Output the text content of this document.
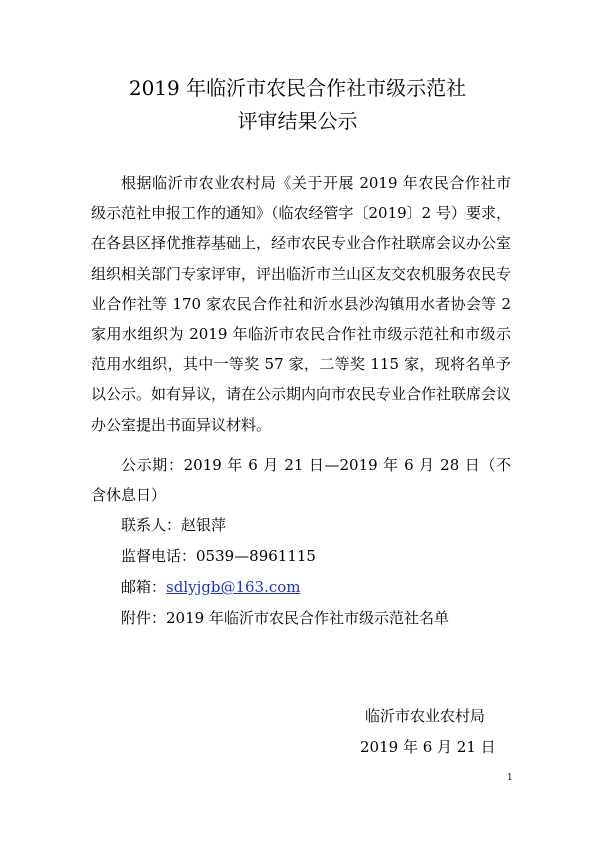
2019 年临沂市农民合作社市级示范社
评审结果公示

根据临沂市农业农村局《关于开展 2019 年农民合作社市级示范社申报工作的通知》（临农经管字〔2019〕2 号）要求，在各县区择优推荐基础上，经市农民专业合作社联席会议办公室组织相关部门专家评审，评出临沂市兰山区友交农机服务农民专业合作社等 170 家农民合作社和沂水县沙沟镇用水者协会等 2 家用水组织为 2019 年临沂市农民合作社市级示范社和市级示范用水组织，其中一等奖 57 家，二等奖 115 家，现将名单予以公示。如有异议，请在公示期内向市农民专业合作社联席会议办公室提出书面异议材料。

公示期：2019 年 6 月 21 日—2019 年 6 月 28 日（不含休息日）

联系人：赵银萍
监督电话：0539—8961115
邮箱：sdlyjgb@163.com
附件：2019 年临沂市农民合作社市级示范社名单
临沂市农业农村局
2019 年 6 月 21 日
1
